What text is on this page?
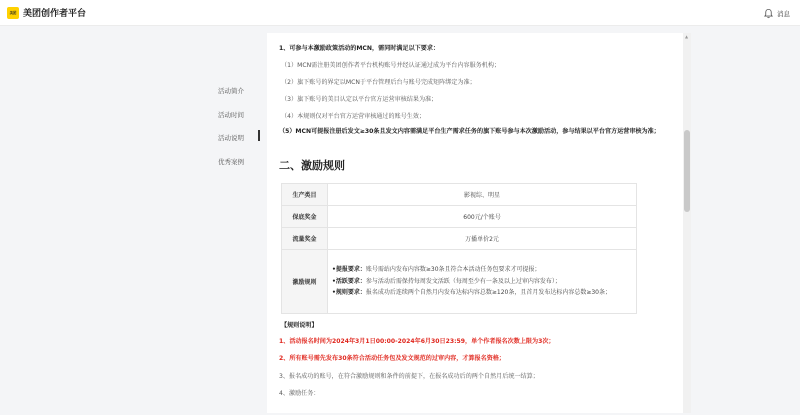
美团 美团创作者平台	消息
活动简介
活动时间
活动说明
优秀案例
▲
1、可参与本激励政策活动的MCN，需同时满足以下要求：
（1）MCN需注册美团创作者平台机构账号并经认证通过成为平台内容服务机构；
（2）旗下账号的界定以MCN于平台管理后台与账号完成矩阵绑定为准；
（3）旗下账号的美目认定以平台官方运营审核结果为准；
（4）本规则仅对平台官方运营审核通过的账号生效；
（5）MCN可提报注册后发文≥30条且发文内容需满足平台生产需求任务的旗下账号参与本次激励活动，参与结果以平台官方运营审核为准；
二、激励规则
生产类目	影视综、明星
保底奖金	600元/个账号
流量奖金	万播单价2元
激励规则	•提报要求：账号需站内发布内容数≥30条且符合本活动任务包要求才可提报；
•活跃要求：参与活动后需保持每周发文活跃（每周至少有一条及以上过审内容发布）；
•规则要求：报名成功后连续两个自然月内发布达标内容总数≥120条，且首月发布达标内容总数≥30条；
【规则说明】
1、活动报名时间为2024年3月1日00:00-2024年6月30日23:59，单个作者报名次数上限为3次；
2、所有账号需先发布30条符合活动任务包及发文规范的过审内容，才算报名资格；
3、报名成功的账号，在符合激励规则和条件的前提下，在报名成功后的两个自然月后统一结算；
4、激励任务：
